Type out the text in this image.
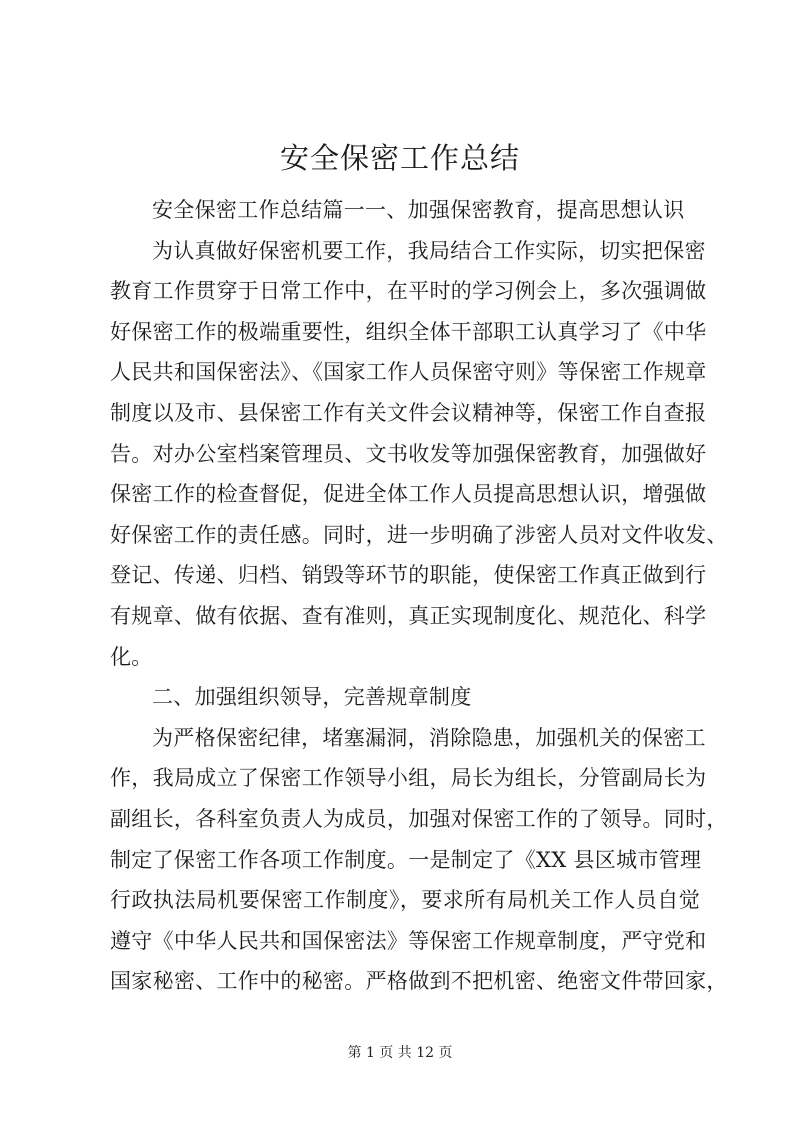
安全保密工作总结
安全保密工作总结篇一一、加强保密教育，提高思想认识
为认真做好保密机要工作，我局结合工作实际，切实把保密
教育工作贯穿于日常工作中，在平时的学习例会上，多次强调做
好保密工作的极端重要性，组织全体干部职工认真学习了《中华
人民共和国保密法》、《国家工作人员保密守则》等保密工作规章
制度以及市、县保密工作有关文件会议精神等，保密工作自查报
告。对办公室档案管理员、文书收发等加强保密教育，加强做好
保密工作的检查督促，促进全体工作人员提高思想认识，增强做
好保密工作的责任感。同时，进一步明确了涉密人员对文件收发、
登记、传递、归档、销毁等环节的职能，使保密工作真正做到行
有规章、做有依据、查有准则，真正实现制度化、规范化、科学
化。
二、加强组织领导，完善规章制度
为严格保密纪律，堵塞漏洞，消除隐患，加强机关的保密工
作，我局成立了保密工作领导小组，局长为组长，分管副局长为
副组长，各科室负责人为成员，加强对保密工作的了领导。同时，
制定了保密工作各项工作制度。一是制定了《XX 县区城市管理
行政执法局机要保密工作制度》，要求所有局机关工作人员自觉
遵守《中华人民共和国保密法》等保密工作规章制度，严守党和
国家秘密、工作中的秘密。严格做到不把机密、绝密文件带回家，
第 1 页 共 12 页
